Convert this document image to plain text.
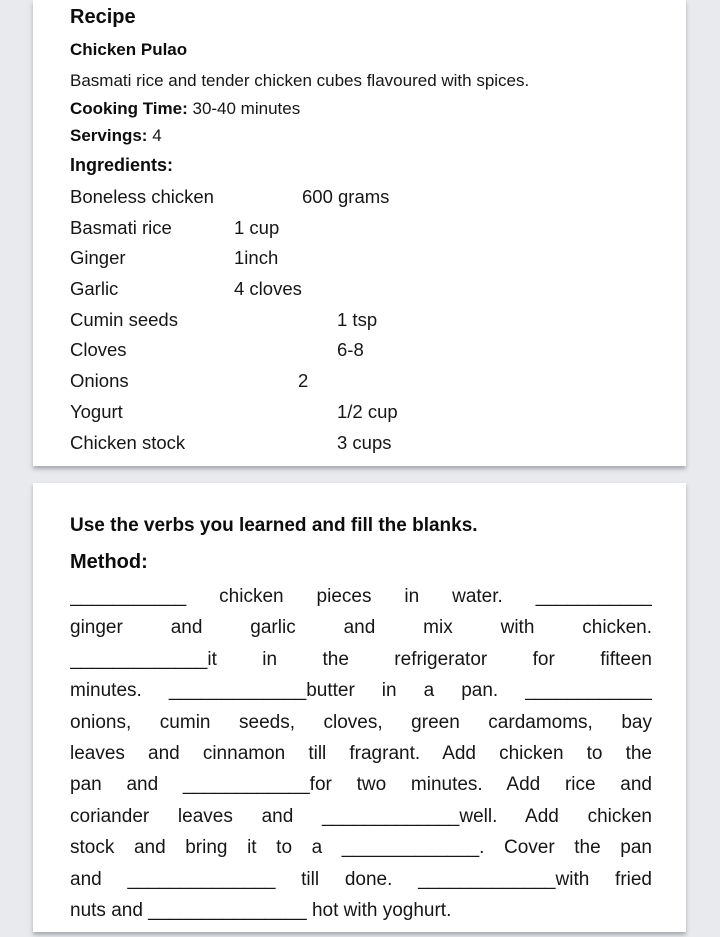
Recipe
Chicken Pulao
Basmati rice and tender chicken cubes flavoured with spices.
Cooking Time: 30-40 minutes
Servings: 4
Ingredients:
Boneless chicken	600 grams
Basmati rice	1 cup
Ginger	1inch
Garlic	4 cloves
Cumin seeds	1 tsp
Cloves	6-8
Onions	2
Yogurt	1/2 cup
Chicken stock	3 cups
Use the verbs you learned and fill the blanks.
Method:
___________ chicken pieces in water. ___________
ginger and garlic and mix with chicken.
_____________it in the refrigerator for fifteen
minutes. _____________butter in a pan. ____________
onions, cumin seeds, cloves, green cardamoms, bay
leaves and cinnamon till fragrant. Add chicken to the
pan and ____________for two minutes. Add rice and
coriander leaves and _____________well. Add chicken
stock and bring it to a _____________. Cover the pan
and ______________ till done. _____________with fried
nuts and _______________ hot with yoghurt.
